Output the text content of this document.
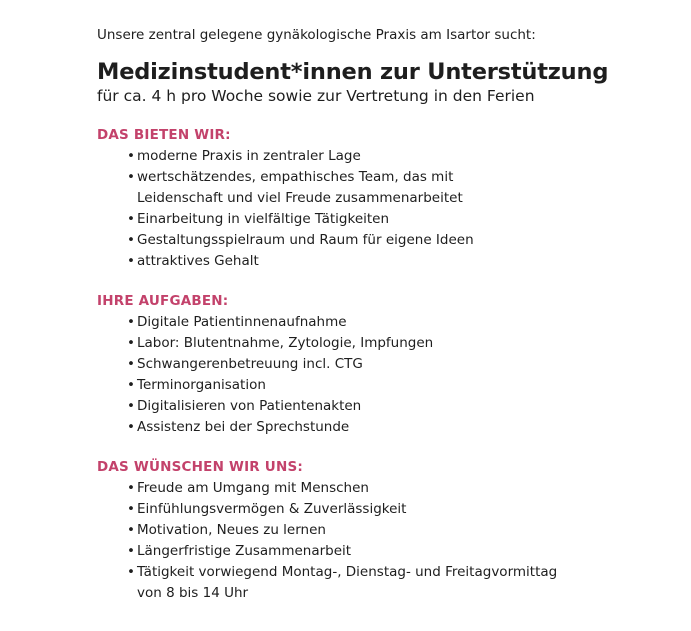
Unsere zentral gelegene gynäkologische Praxis am Isartor sucht:

Medizinstudent*innen zur Unterstützung

für ca. 4 h pro Woche sowie zur Vertretung in den Ferien

DAS BIETEN WIR:
• moderne Praxis in zentraler Lage
• wertschätzendes, empathisches Team, das mit
Leidenschaft und viel Freude zusammenarbeitet
• Einarbeitung in vielfältige Tätigkeiten
• Gestaltungsspielraum und Raum für eigene Ideen
• attraktives Gehalt
IHRE AUFGABEN:
• Digitale Patientinnenaufnahme
• Labor: Blutentnahme, Zytologie, Impfungen
• Schwangerenbetreuung incl. CTG
• Terminorganisation
• Digitalisieren von Patientenakten
• Assistenz bei der Sprechstunde
DAS WÜNSCHEN WIR UNS:
• Freude am Umgang mit Menschen
• Einfühlungsvermögen & Zuverlässigkeit
• Motivation, Neues zu lernen
• Längerfristige Zusammenarbeit
• Tätigkeit vorwiegend Montag-, Dienstag- und Freitagvormittag
von 8 bis 14 Uhr
